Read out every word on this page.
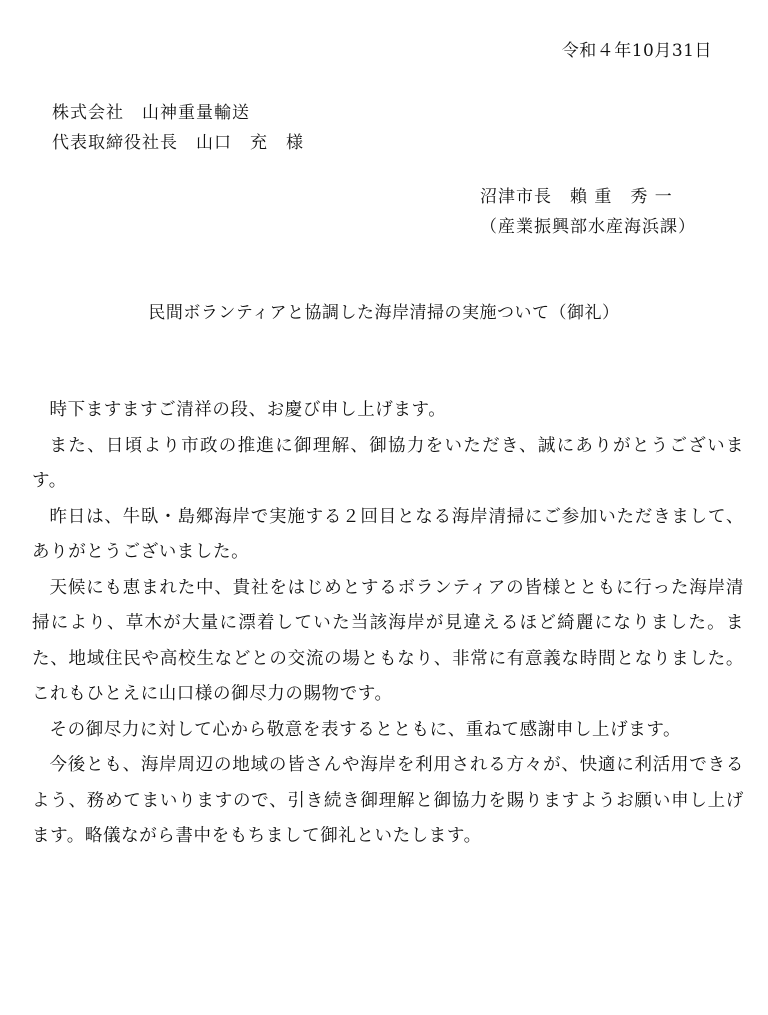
令和４年10月31日
株式会社　山神重量輸送
代表取締役社長　山口　充　様
沼津市長　賴 重　秀 一
（産業振興部水産海浜課）
民間ボランティアと協調した海岸清掃の実施ついて（御礼）

時下ますますご清祥の段、お慶び申し上げます。

また、日頃より市政の推進に御理解、御協力をいただき、誠にありがとうございます。

昨日は、牛臥・島郷海岸で実施する２回目となる海岸清掃にご参加いただきまして、ありがとうございました。

天候にも恵まれた中、貴社をはじめとするボランティアの皆様とともに行った海岸清掃により、草木が大量に漂着していた当該海岸が見違えるほど綺麗になりました。また、地域住民や高校生などとの交流の場ともなり、非常に有意義な時間となりました。これもひとえに山口様の御尽力の賜物です。

その御尽力に対して心から敬意を表するとともに、重ねて感謝申し上げます。

今後とも、海岸周辺の地域の皆さんや海岸を利用される方々が、快適に利活用できるよう、務めてまいりますので、引き続き御理解と御協力を賜りますようお願い申し上げます。略儀ながら書中をもちまして御礼といたします。
